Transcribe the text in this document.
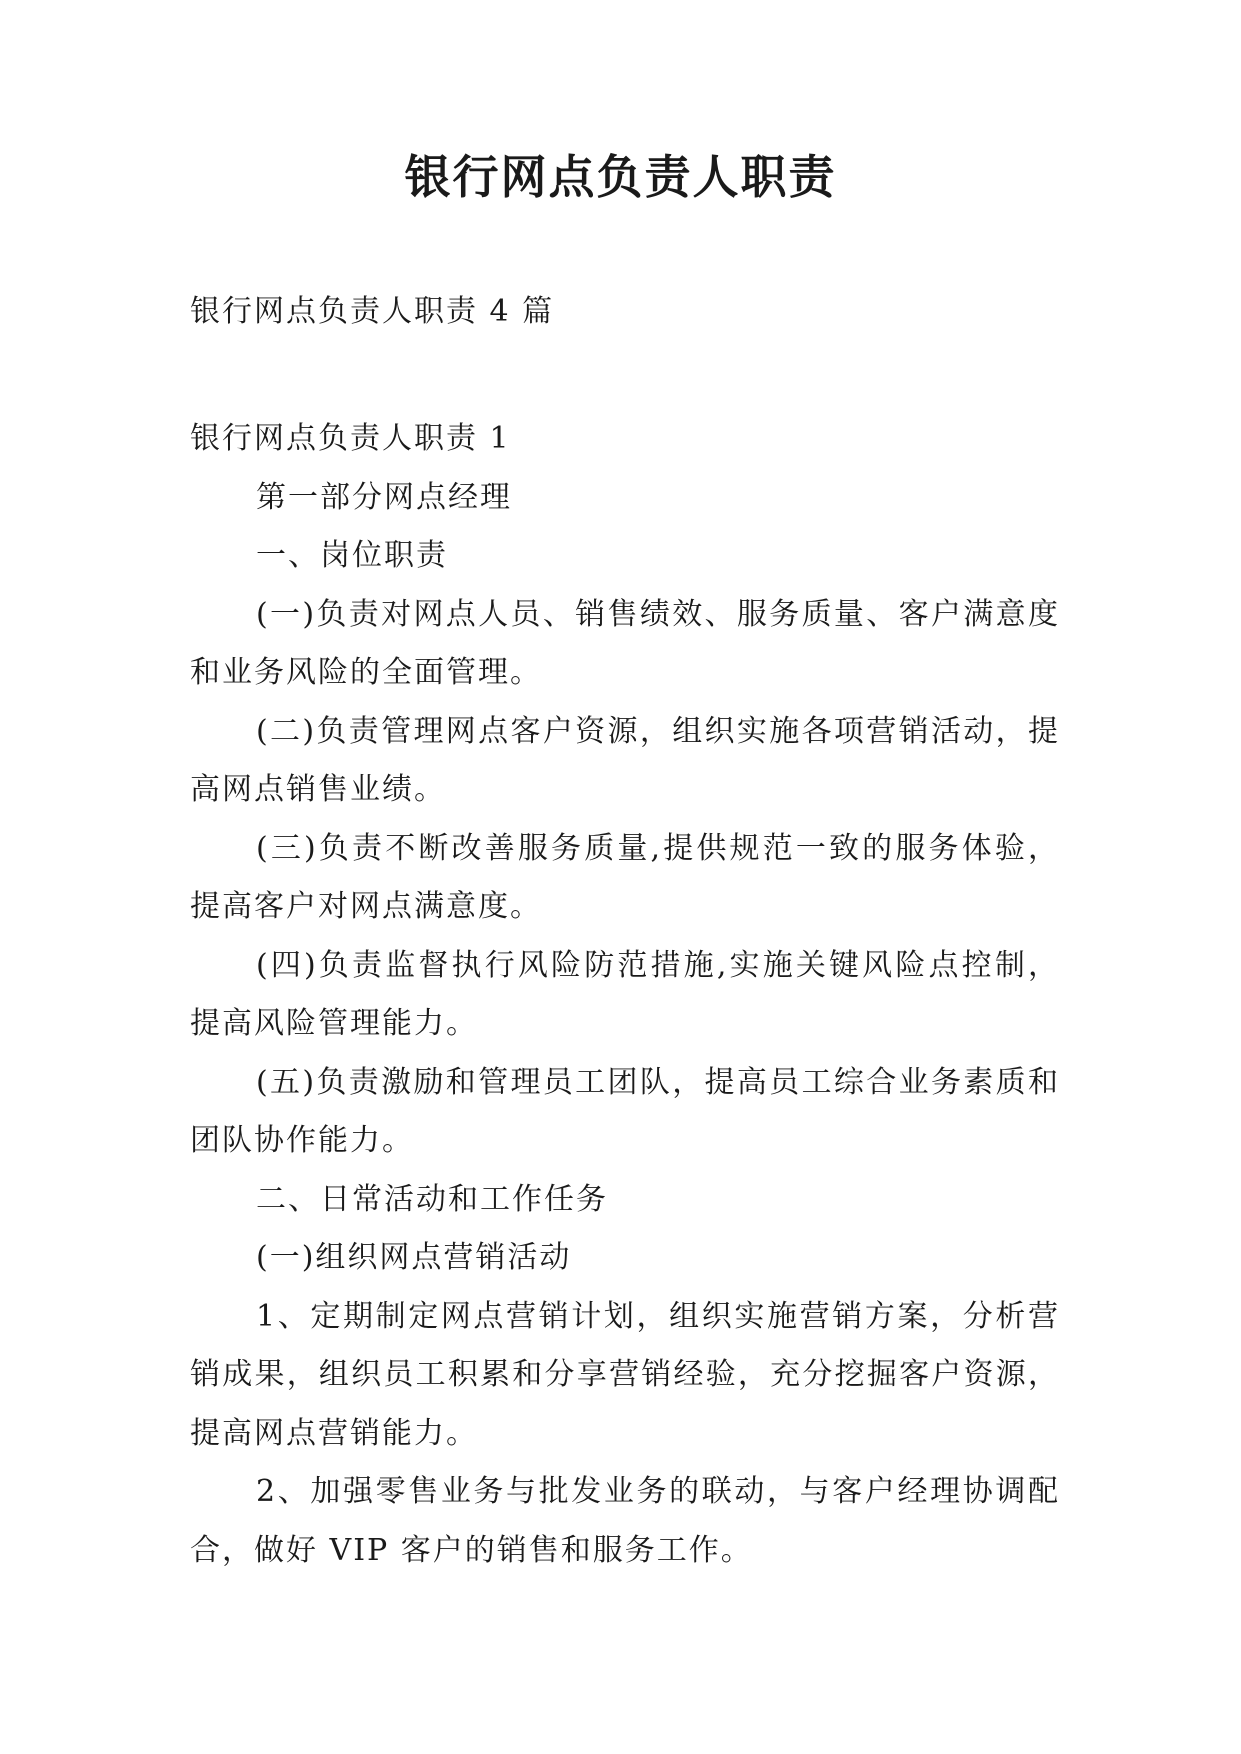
银行网点负责人职责

银行网点负责人职责 4 篇

银行网点负责人职责 1

第一部分网点经理

一、岗位职责

(一)负责对网点人员、销售绩效、服务质量、客户满意度和业务风险的全面管理。

(二)负责管理网点客户资源，组织实施各项营销活动，提高网点销售业绩。

(三)负责不断改善服务质量,提供规范一致的服务体验，提高客户对网点满意度。

(四)负责监督执行风险防范措施,实施关键风险点控制，提高风险管理能力。

(五)负责激励和管理员工团队，提高员工综合业务素质和团队协作能力。

二、日常活动和工作任务

(一)组织网点营销活动

1、定期制定网点营销计划，组织实施营销方案，分析营销成果，组织员工积累和分享营销经验，充分挖掘客户资源，提高网点营销能力。

2、加强零售业务与批发业务的联动，与客户经理协调配合，做好 VIP 客户的销售和服务工作。
